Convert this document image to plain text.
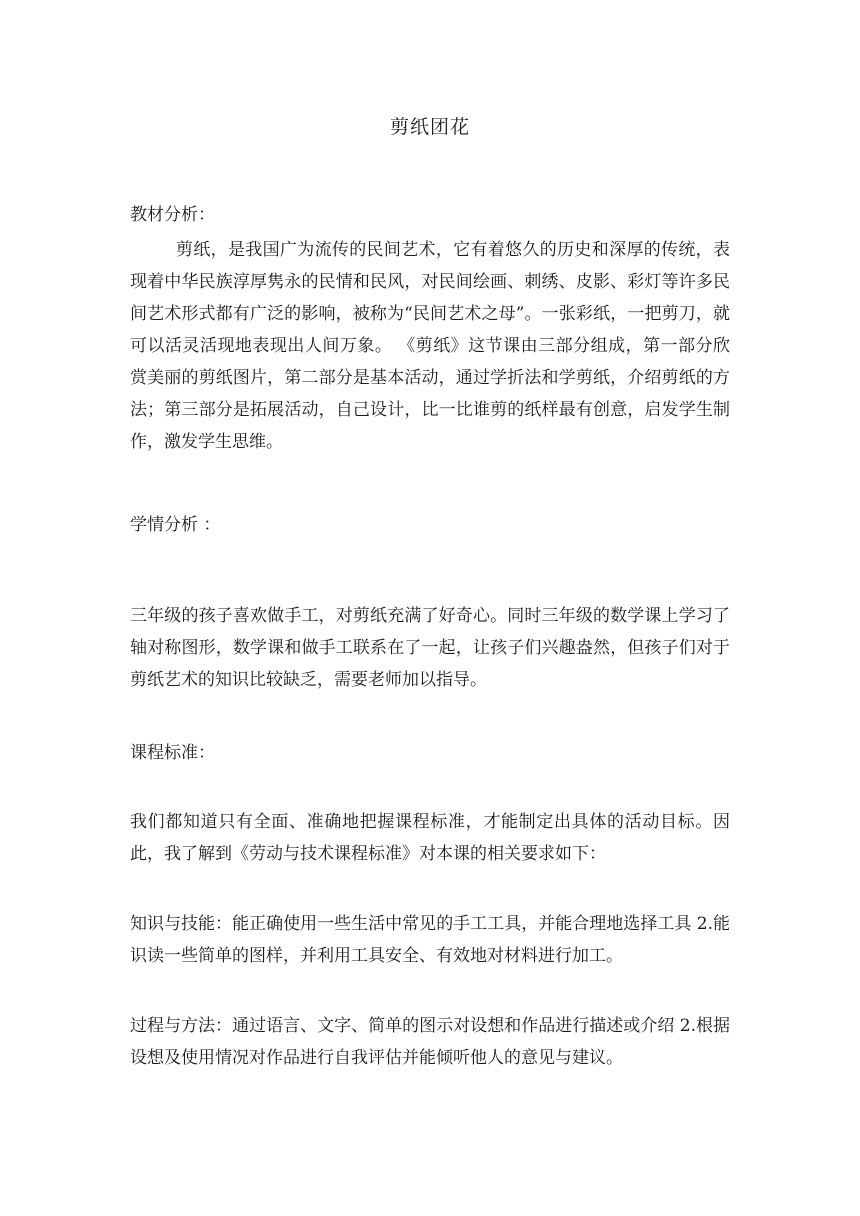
剪纸团花

教材分析：

剪纸，是我国广为流传的民间艺术，它有着悠久的历史和深厚的传统，表现着中华民族淳厚隽永的民情和民风，对民间绘画、刺绣、皮影、彩灯等许多民间艺术形式都有广泛的影响，被称为“民间艺术之母”。一张彩纸，一把剪刀，就可以活灵活现地表现出人间万象。 《剪纸》这节课由三部分组成，第一部分欣赏美丽的剪纸图片，第二部分是基本活动，通过学折法和学剪纸，介绍剪纸的方法；第三部分是拓展活动，自己设计，比一比谁剪的纸样最有创意，启发学生制作，激发学生思维。

学情分析 ：

三年级的孩子喜欢做手工，对剪纸充满了好奇心。同时三年级的数学课上学习了轴对称图形，数学课和做手工联系在了一起，让孩子们兴趣盎然，但孩子们对于剪纸艺术的知识比较缺乏，需要老师加以指导。

课程标准：

我们都知道只有全面、准确地把握课程标准，才能制定出具体的活动目标。因此，我了解到《劳动与技术课程标准》对本课的相关要求如下：

知识与技能：能正确使用一些生活中常见的手工工具，并能合理地选择工具 2.能识读一些简单的图样，并利用工具安全、有效地对材料进行加工。

过程与方法：通过语言、文字、简单的图示对设想和作品进行描述或介绍 2.根据设想及使用情况对作品进行自我评估并能倾听他人的意见与建议。
